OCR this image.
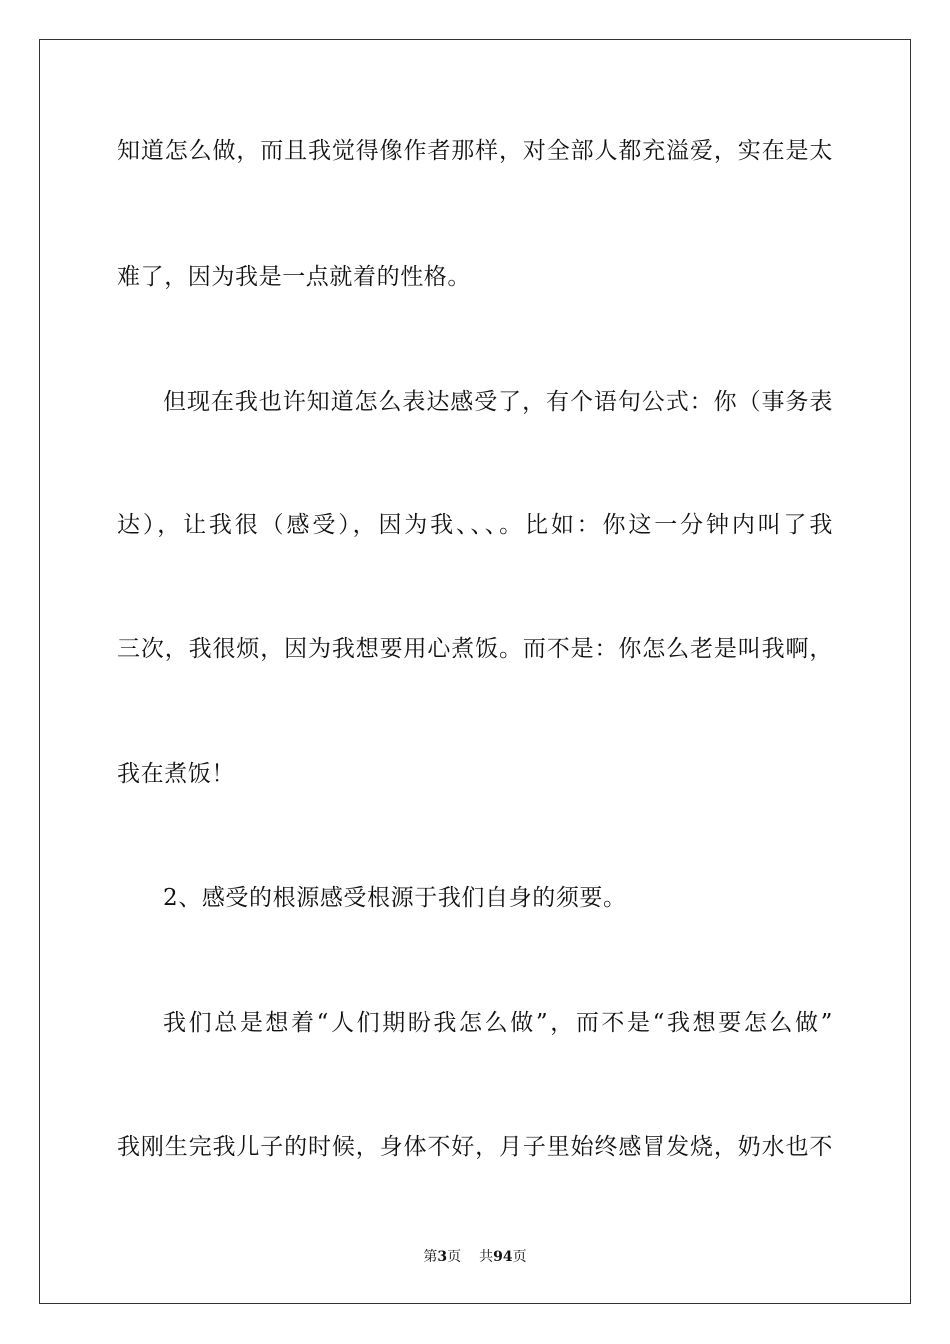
知道怎么做，而且我觉得像作者那样，对全部人都充溢爱，实在是太
难了，因为我是一点就着的性格。
但现在我也许知道怎么表达感受了，有个语句公式：你（事务表
达），让我很（感受），因为我、、、。比如：你这一分钟内叫了我
三次，我很烦，因为我想要用心煮饭。而不是：你怎么老是叫我啊，
我在煮饭！
2、感受的根源感受根源于我们自身的须要。
我们总是想着“人们期盼我怎么做”，而不是“我想要怎么做”
我刚生完我儿子的时候，身体不好，月子里始终感冒发烧，奶水也不
第3页 共94页
